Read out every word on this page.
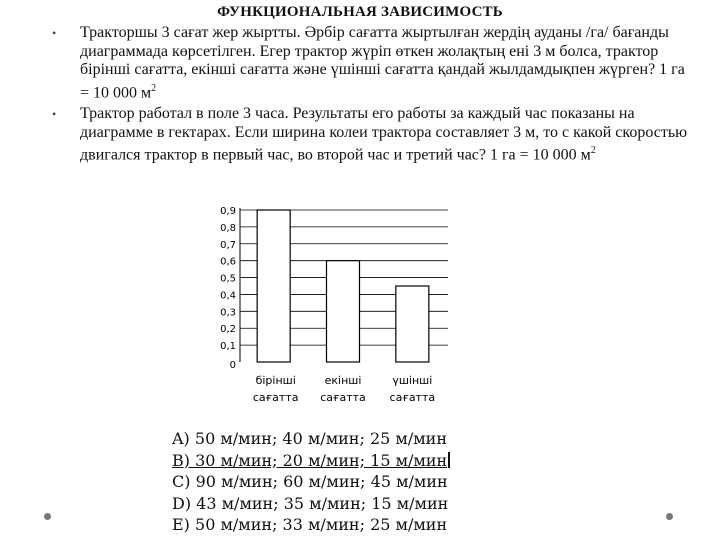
ФУНКЦИОНАЛЬНАЯ ЗАВИСИМОСТЬ
• Тракторшы 3 сағат жер жыртты. Әрбір сағатта жыртылған жердің ауданы /га/ бағанды диаграммада көрсетілген. Егер трактор жүріп өткен жолақтың ені 3 м болса, трактор бірінші сағатта, екінші сағатта және үшінші сағатта қандай жылдамдықпен жүрген? 1 га = 10 000 $м^2$
• Трактор работал в поле 3 часа. Результаты его работы за каждый час показаны на диаграмме в гектарах. Если ширина колеи трактора составляет 3 м, то с какой скоростью двигался трактор в первый час, во второй час и третий час? 1 га = 10 000 $м^2$
0
0,1
0,2
0,3
0,4
0,5
0,6
0,7
0,8
0,9
бірінші
сағатта
екінші
сағатта
үшінші
сағатта
A) 50 м/мин; 40 м/мин; 25 м/мин
B) 30 м/мин; 20 м/мин; 15 м/мин
C) 90 м/мин; 60 м/мин; 45 м/мин
D) 43 м/мин; 35 м/мин; 15 м/мин
E) 50 м/мин; 33 м/мин; 25 м/мин
